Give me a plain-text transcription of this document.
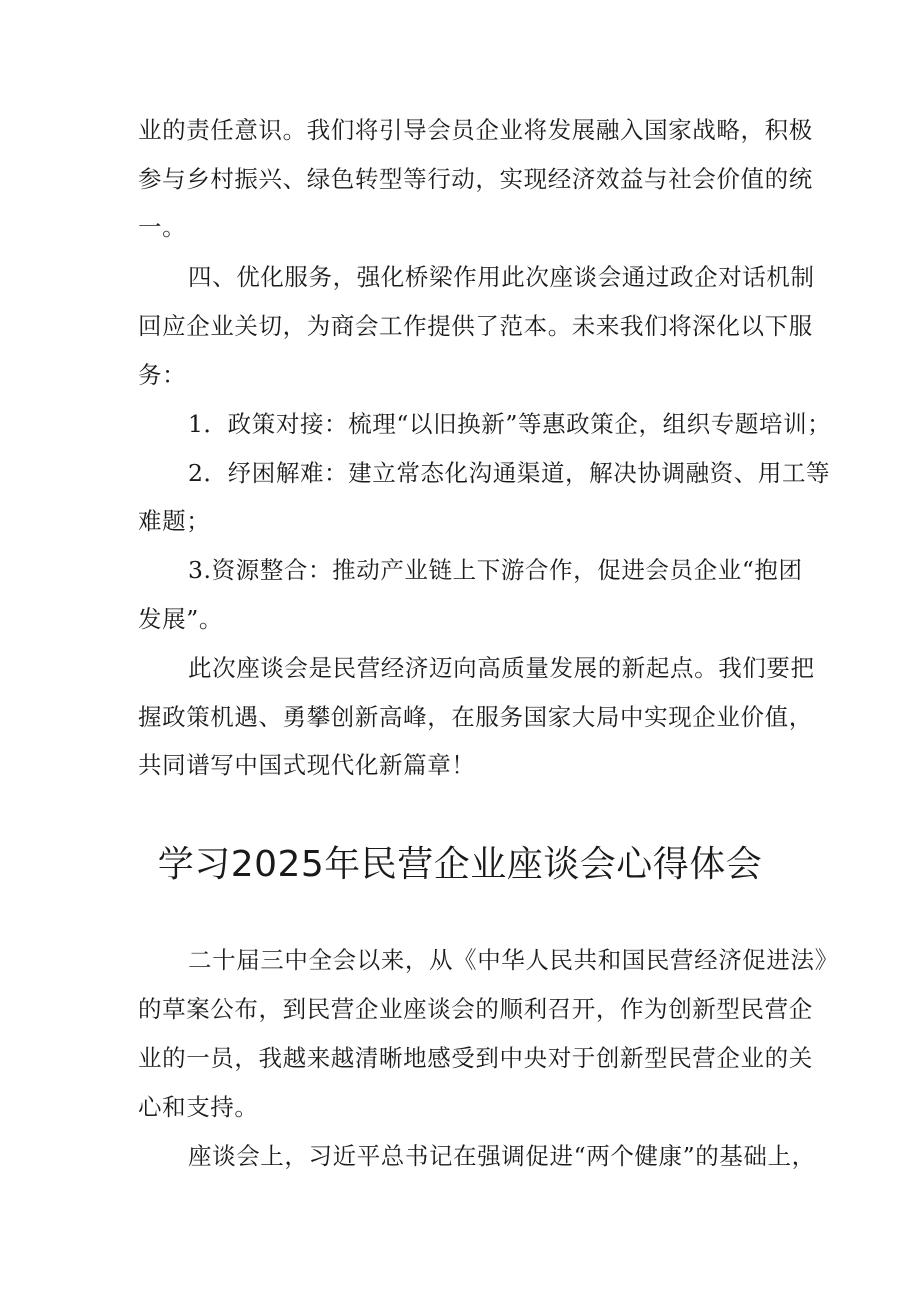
业的责任意识。我们将引导会员企业将发展融入国家战略，积极
参与乡村振兴、绿色转型等行动，实现经济效益与社会价值的统
一。
四、优化服务，强化桥梁作用此次座谈会通过政企对话机制
回应企业关切，为商会工作提供了范本。未来我们将深化以下服
务：
1．政策对接：梳理“以旧换新”等惠政策企，组织专题培训；
2．纾困解难：建立常态化沟通渠道，解决协调融资、用工等
难题；
3.资源整合：推动产业链上下游合作，促进会员企业“抱团
发展”。
此次座谈会是民营经济迈向高质量发展的新起点。我们要把
握政策机遇、勇攀创新高峰，在服务国家大局中实现企业价值，
共同谱写中国式现代化新篇章！
学习2025年民营企业座谈会心得体会
二十届三中全会以来，从《中华人民共和国民营经济促进法》
的草案公布，到民营企业座谈会的顺利召开，作为创新型民营企
业的一员，我越来越清晰地感受到中央对于创新型民营企业的关
心和支持。
座谈会上，习近平总书记在强调促进“两个健康”的基础上，
